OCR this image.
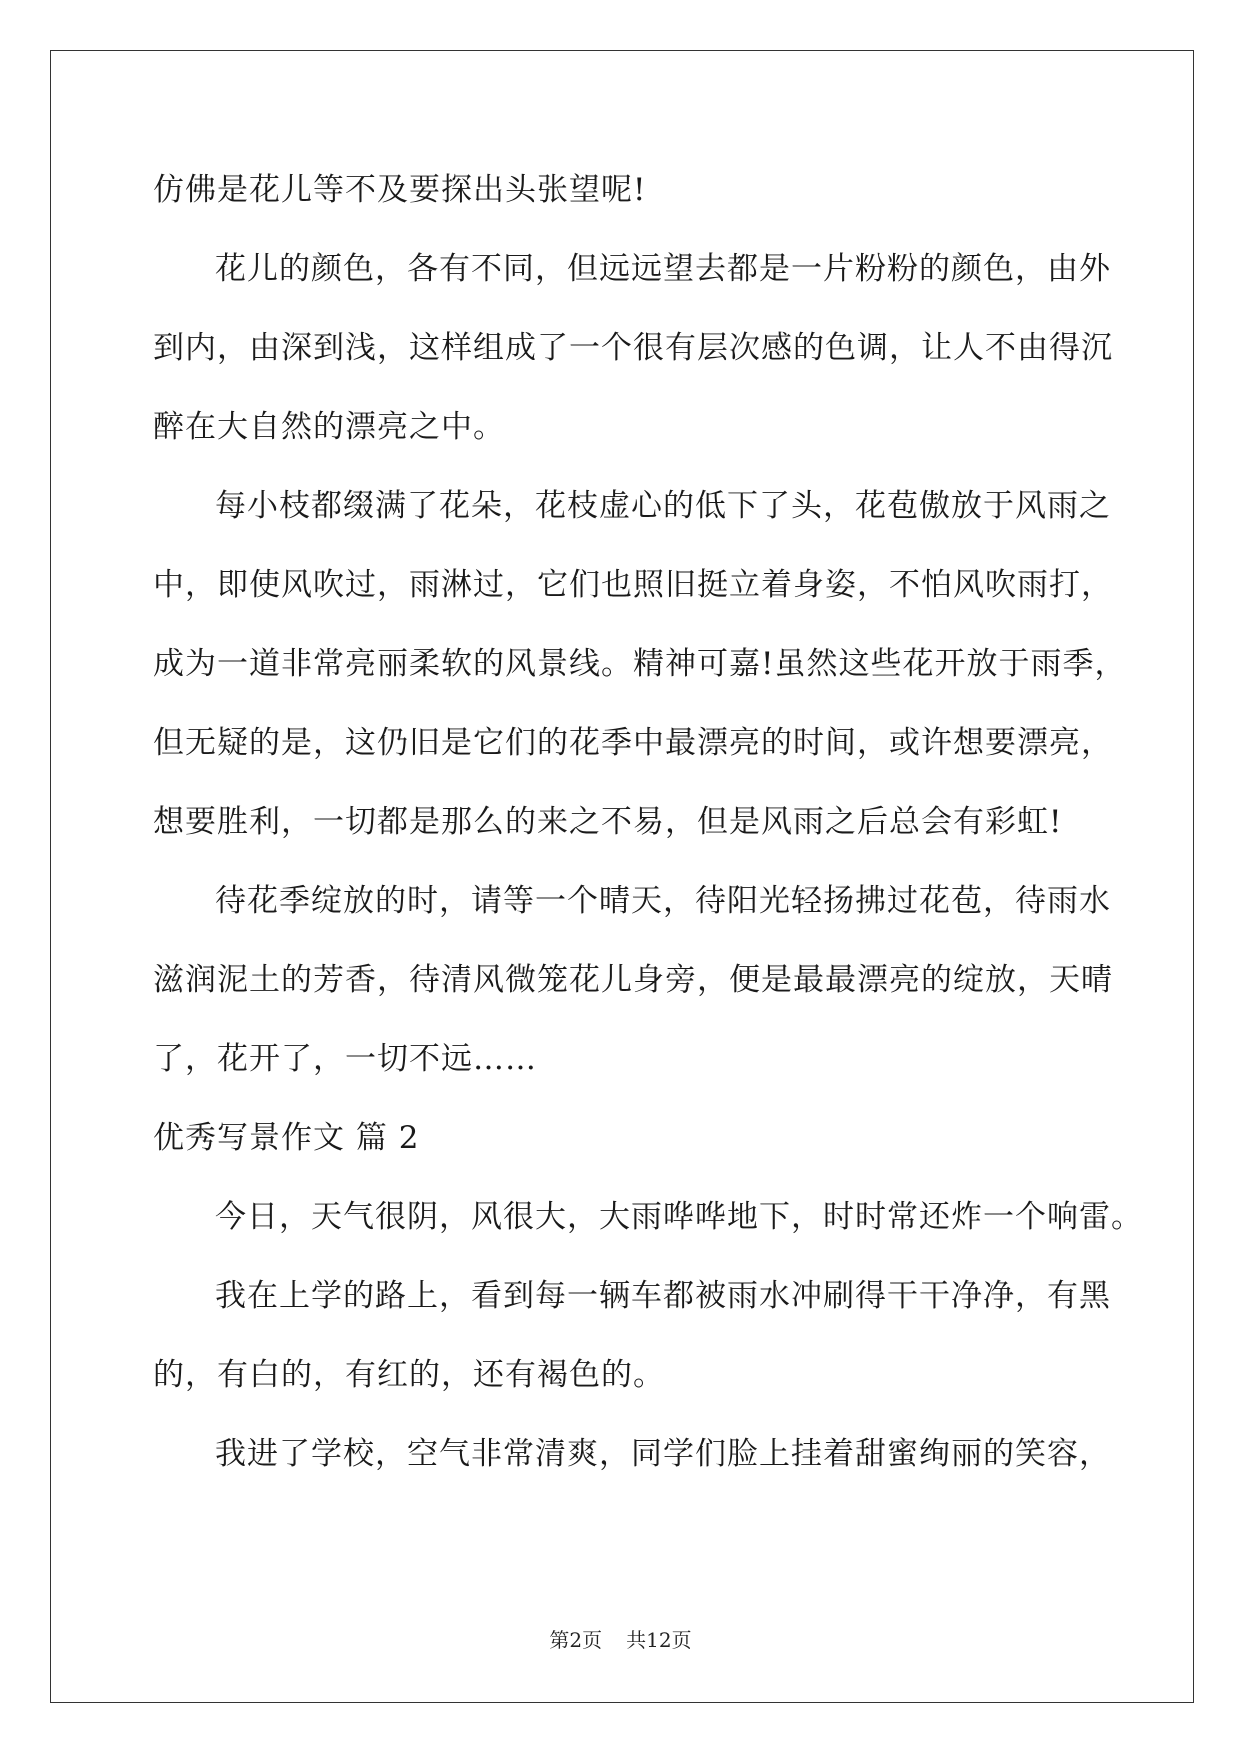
仿佛是花儿等不及要探出头张望呢!
花儿的颜色，各有不同，但远远望去都是一片粉粉的颜色，由外
到内，由深到浅，这样组成了一个很有层次感的色调，让人不由得沉
醉在大自然的漂亮之中。
每小枝都缀满了花朵，花枝虚心的低下了头，花苞傲放于风雨之
中，即使风吹过，雨淋过，它们也照旧挺立着身姿，不怕风吹雨打，
成为一道非常亮丽柔软的风景线。精神可嘉!虽然这些花开放于雨季，
但无疑的是，这仍旧是它们的花季中最漂亮的时间，或许想要漂亮，
想要胜利，一切都是那么的来之不易，但是风雨之后总会有彩虹!
待花季绽放的时，请等一个晴天，待阳光轻扬拂过花苞，待雨水
滋润泥土的芳香，待清风微笼花儿身旁，便是最最漂亮的绽放，天晴
了，花开了，一切不远……
优秀写景作文 篇 2
今日，天气很阴，风很大，大雨哗哗地下，时时常还炸一个响雷。
我在上学的路上，看到每一辆车都被雨水冲刷得干干净净，有黑
的，有白的，有红的，还有褐色的。
我进了学校，空气非常清爽，同学们脸上挂着甜蜜绚丽的笑容，
第2页 共12页
